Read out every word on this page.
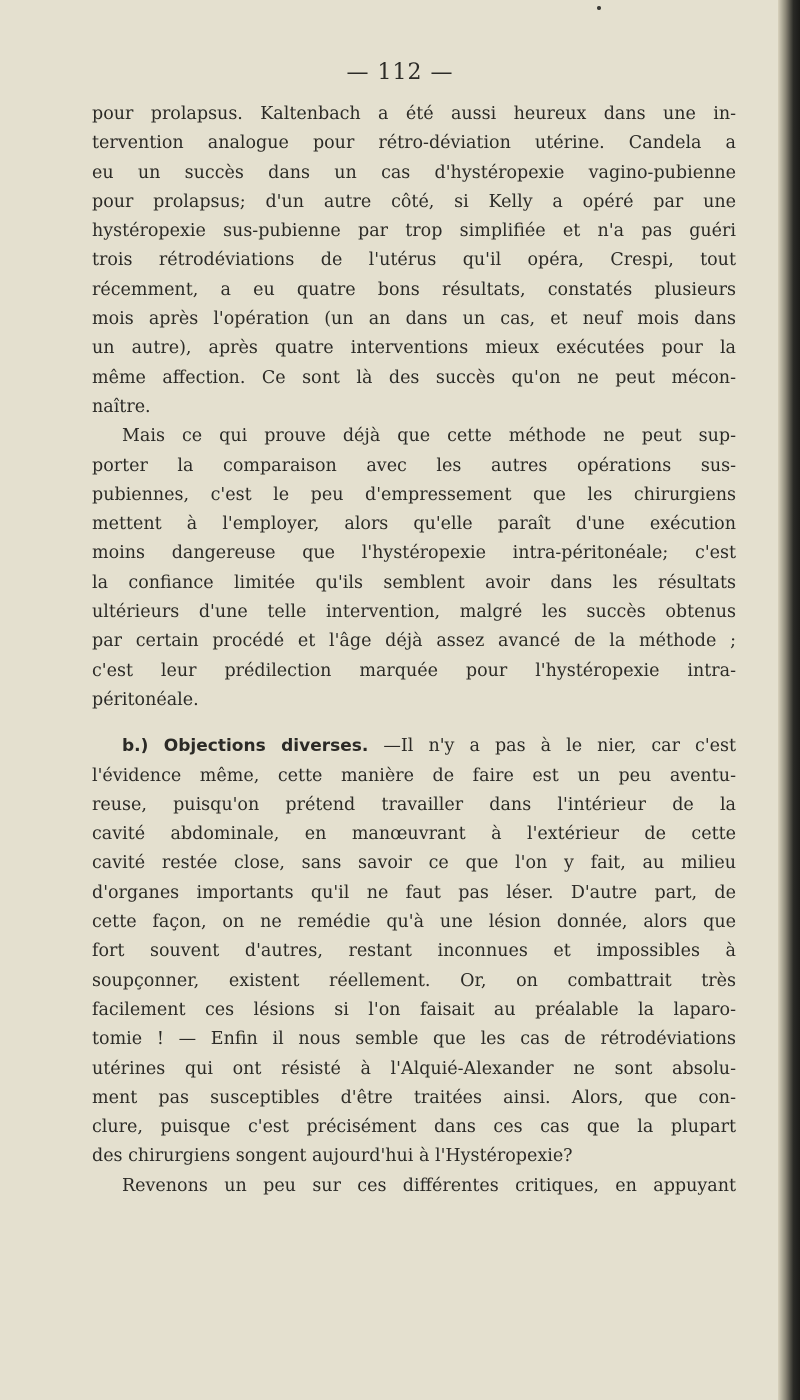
— 112 —

pour prolapsus. Kaltenbach a été aussi heureux dans une in-
tervention analogue pour rétro-déviation utérine. Candela a
eu un succès dans un cas d'hystéropexie vagino-pubienne
pour prolapsus; d'un autre côté, si Kelly a opéré par une
hystéropexie sus-pubienne par trop simplifiée et n'a pas guéri
trois rétrodéviations de l'utérus qu'il opéra, Crespi, tout
récemment, a eu quatre bons résultats, constatés plusieurs
mois après l'opération (un an dans un cas, et neuf mois dans
un autre), après quatre interventions mieux exécutées pour la
même affection. Ce sont là des succès qu'on ne peut mécon-
naître.

Mais ce qui prouve déjà que cette méthode ne peut sup-
porter la comparaison avec les autres opérations sus-
pubiennes, c'est le peu d'empressement que les chirurgiens
mettent à l'employer, alors qu'elle paraît d'une exécution
moins dangereuse que l'hystéropexie intra-péritonéale; c'est
la confiance limitée qu'ils semblent avoir dans les résultats
ultérieurs d'une telle intervention, malgré les succès obtenus
par certain procédé et l'âge déjà assez avancé de la méthode ;
c'est leur prédilection marquée pour l'hystéropexie intra-
péritonéale.

b.) Objections diverses. —Il n'y a pas à le nier, car c'est
l'évidence même, cette manière de faire est un peu aventu-
reuse, puisqu'on prétend travailler dans l'intérieur de la
cavité abdominale, en manœuvrant à l'extérieur de cette
cavité restée close, sans savoir ce que l'on y fait, au milieu
d'organes importants qu'il ne faut pas léser. D'autre part, de
cette façon, on ne remédie qu'à une lésion donnée, alors que
fort souvent d'autres, restant inconnues et impossibles à
soupçonner, existent réellement. Or, on combattrait très
facilement ces lésions si l'on faisait au préalable la laparo-
tomie ! — Enfin il nous semble que les cas de rétrodéviations
utérines qui ont résisté à l'Alquié-Alexander ne sont absolu-
ment pas susceptibles d'être traitées ainsi. Alors, que con-
clure, puisque c'est précisément dans ces cas que la plupart
des chirurgiens songent aujourd'hui à l'Hystéropexie?

Revenons un peu sur ces différentes critiques, en appuyant
